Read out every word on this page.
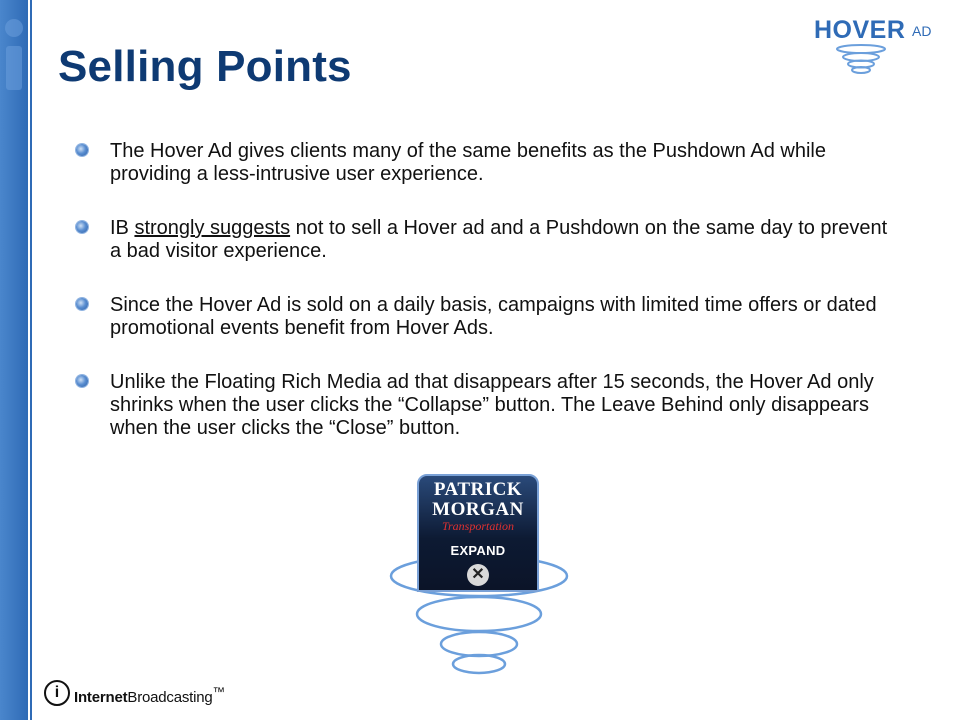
Selling Points
HOVER AD
The Hover Ad gives clients many of the same benefits as the Pushdown Ad while providing a less-intrusive user experience.
IB strongly suggests not to sell a Hover ad and a Pushdown on the same day to prevent a bad visitor experience.
Since the Hover Ad is sold on a daily basis, campaigns with limited time offers or dated promotional events benefit from Hover Ads.
Unlike the Floating Rich Media ad that disappears after 15 seconds, the Hover Ad only shrinks when the user clicks the “Collapse” button. The Leave Behind only disappears when the user clicks the “Close” button.
PATRICK
MORGAN
Transportation
EXPAND
✕
i InternetBroadcasting™
